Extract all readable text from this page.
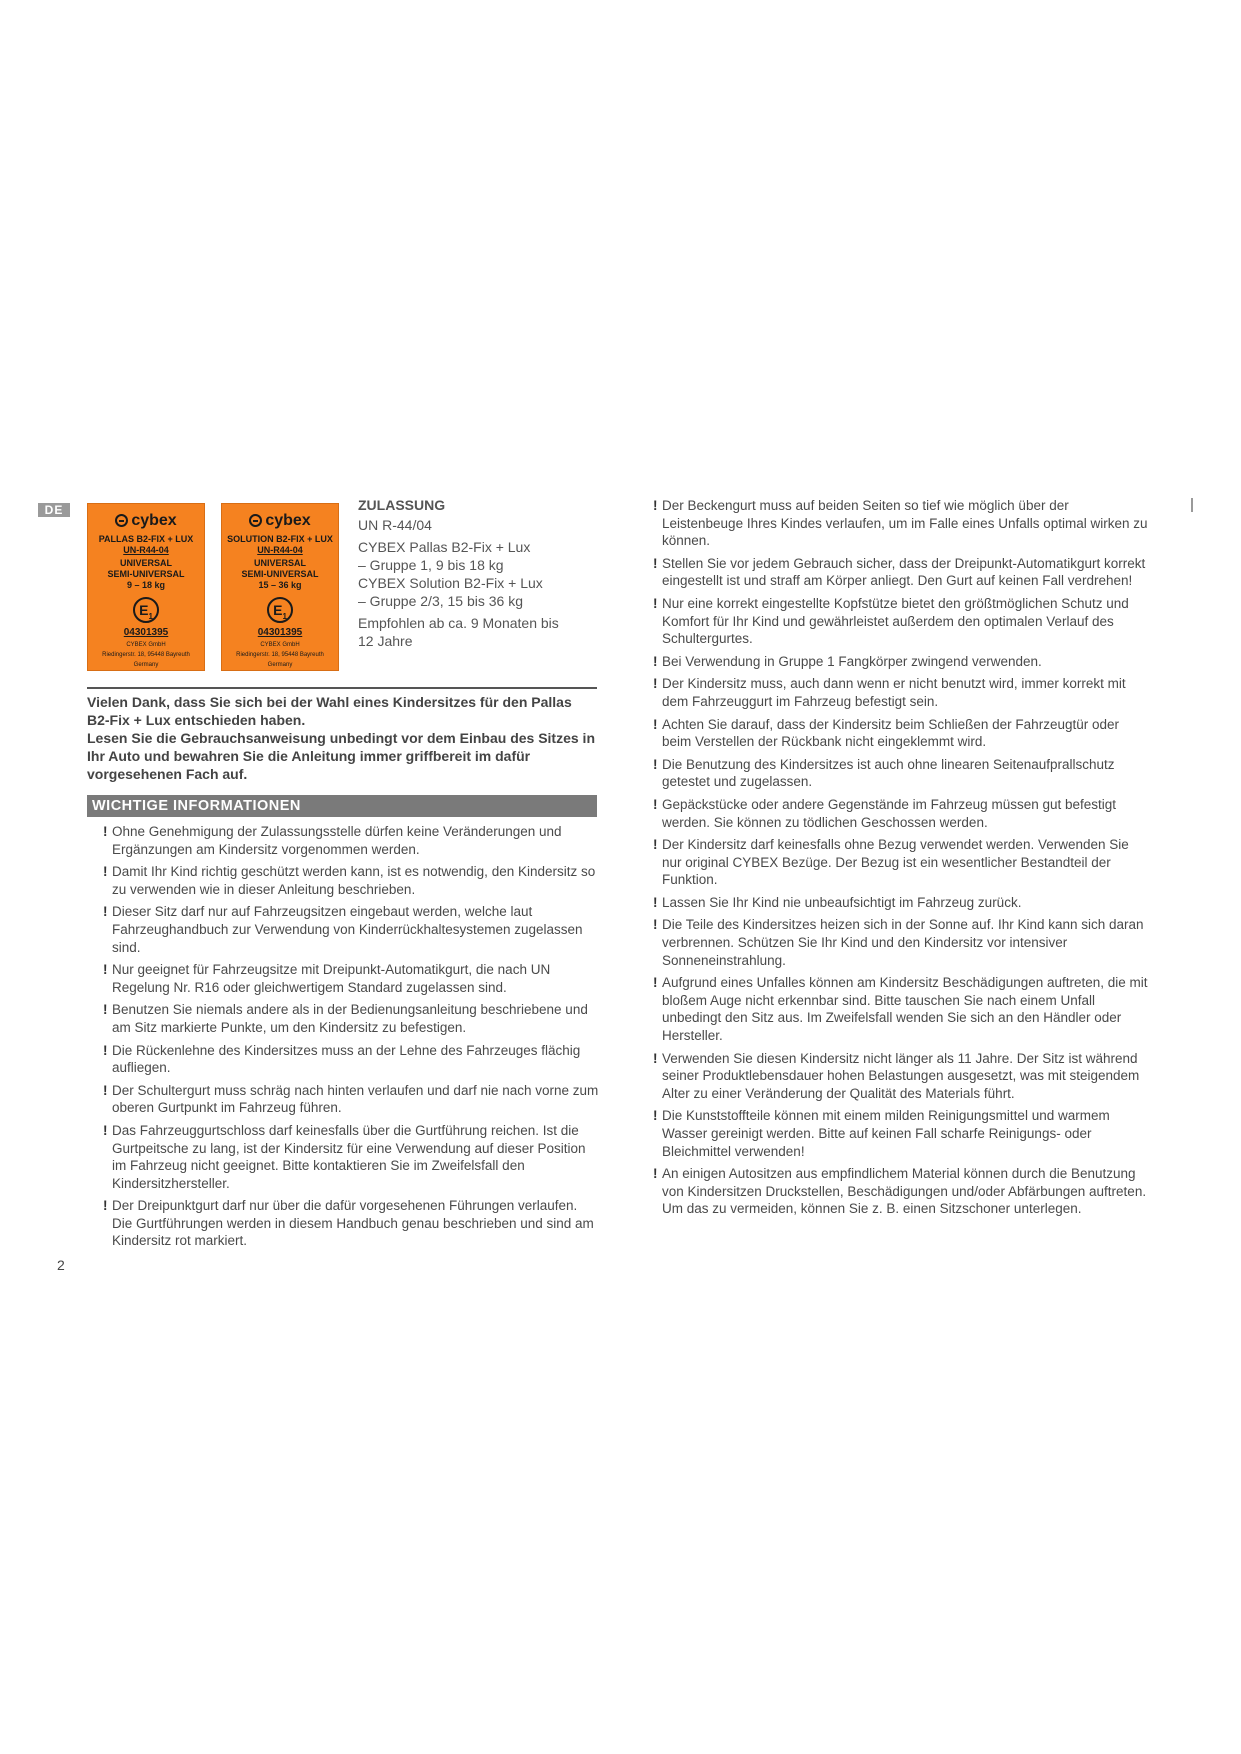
DE
cybex
PALLAS B2-FIX + LUX
UN-R44-04
UNIVERSAL
SEMI-UNIVERSAL
9 – 18 kg
$E_1$
04301395
CYBEX GmbH
Riedingerstr. 18, 95448 Bayreuth
Germany
cybex
SOLUTION B2-FIX + LUX
UN-R44-04
UNIVERSAL
SEMI-UNIVERSAL
15 – 36 kg
$E_1$
04301395
CYBEX GmbH
Riedingerstr. 18, 95448 Bayreuth
Germany
ZULASSUNG

UN R-44/04

CYBEX Pallas B2-Fix + Lux

– Gruppe 1, 9 bis 18 kg

CYBEX Solution B2-Fix + Lux

– Gruppe 2/3, 15 bis 36 kg

Empfohlen ab ca. 9 Monaten bis

12 Jahre

Vielen Dank, dass Sie sich bei der Wahl eines Kindersitzes für den Pallas B2-Fix + Lux entschieden haben.

Lesen Sie die Gebrauchsanweisung unbedingt vor dem Einbau des Sitzes in Ihr Auto und bewahren Sie die Anleitung immer griffbereit im dafür vorgesehenen Fach auf.

WICHTIGE INFORMATIONEN
! Ohne Genehmigung der Zulassungsstelle dürfen keine Veränderungen und Ergänzungen am Kindersitz vorgenommen werden.
! Damit Ihr Kind richtig geschützt werden kann, ist es notwendig, den Kindersitz so zu verwenden wie in dieser Anleitung beschrieben.
! Dieser Sitz darf nur auf Fahrzeugsitzen eingebaut werden, welche laut Fahrzeughandbuch zur Verwendung von Kinderrückhaltesystemen zugelassen sind.
! Nur geeignet für Fahrzeugsitze mit Dreipunkt-Automatikgurt, die nach UN Regelung Nr. R16 oder gleichwertigem Standard zugelassen sind.
! Benutzen Sie niemals andere als in der Bedienungsanleitung beschriebene und am Sitz markierte Punkte, um den Kindersitz zu befestigen.
! Die Rückenlehne des Kindersitzes muss an der Lehne des Fahrzeuges flächig aufliegen.
! Der Schultergurt muss schräg nach hinten verlaufen und darf nie nach vorne zum oberen Gurtpunkt im Fahrzeug führen.
! Das Fahrzeuggurtschloss darf keinesfalls über die Gurtführung reichen. Ist die Gurtpeitsche zu lang, ist der Kindersitz für eine Verwendung auf dieser Position im Fahrzeug nicht geeignet. Bitte kontaktieren Sie im Zweifelsfall den Kindersitzhersteller.
! Der Dreipunktgurt darf nur über die dafür vorgesehenen Führungen verlaufen. Die Gurtführungen werden in diesem Handbuch genau beschrieben und sind am Kindersitz rot markiert.
! Der Beckengurt muss auf beiden Seiten so tief wie möglich über der Leistenbeuge Ihres Kindes verlaufen, um im Falle eines Unfalls optimal wirken zu können.
! Stellen Sie vor jedem Gebrauch sicher, dass der Dreipunkt-Automatikgurt korrekt eingestellt ist und straff am Körper anliegt. Den Gurt auf keinen Fall verdrehen!
! Nur eine korrekt eingestellte Kopfstütze bietet den größtmöglichen Schutz und Komfort für Ihr Kind und gewährleistet außerdem den optimalen Verlauf des Schultergurtes.
! Bei Verwendung in Gruppe 1 Fangkörper zwingend verwenden.
! Der Kindersitz muss, auch dann wenn er nicht benutzt wird, immer korrekt mit dem Fahrzeuggurt im Fahrzeug befestigt sein.
! Achten Sie darauf, dass der Kindersitz beim Schließen der Fahrzeugtür oder beim Verstellen der Rückbank nicht eingeklemmt wird.
! Die Benutzung des Kindersitzes ist auch ohne linearen Seitenaufprallschutz getestet und zugelassen.
! Gepäckstücke oder andere Gegenstände im Fahrzeug müssen gut befestigt werden. Sie können zu tödlichen Geschossen werden.
! Der Kindersitz darf keinesfalls ohne Bezug verwendet werden. Verwenden Sie nur original CYBEX Bezüge. Der Bezug ist ein wesentlicher Bestandteil der Funktion.
! Lassen Sie Ihr Kind nie unbeaufsichtigt im Fahrzeug zurück.
! Die Teile des Kindersitzes heizen sich in der Sonne auf. Ihr Kind kann sich daran verbrennen. Schützen Sie Ihr Kind und den Kindersitz vor intensiver Sonneneinstrahlung.
! Aufgrund eines Unfalles können am Kindersitz Beschädigungen auftreten, die mit bloßem Auge nicht erkennbar sind. Bitte tauschen Sie nach einem Unfall unbedingt den Sitz aus. Im Zweifelsfall wenden Sie sich an den Händler oder Hersteller.
! Verwenden Sie diesen Kindersitz nicht länger als 11 Jahre. Der Sitz ist während seiner Produktlebensdauer hohen Belastungen ausgesetzt, was mit steigendem Alter zu einer Veränderung der Qualität des Materials führt.
! Die Kunststoffteile können mit einem milden Reinigungsmittel und warmem Wasser gereinigt werden. Bitte auf keinen Fall scharfe Reinigungs- oder Bleichmittel verwenden!
! An einigen Autositzen aus empfindlichem Material können durch die Benutzung von Kindersitzen Druckstellen, Beschädigungen und/oder Abfärbungen auftreten. Um das zu vermeiden, können Sie z. B. einen Sitzschoner unterlegen.
2
